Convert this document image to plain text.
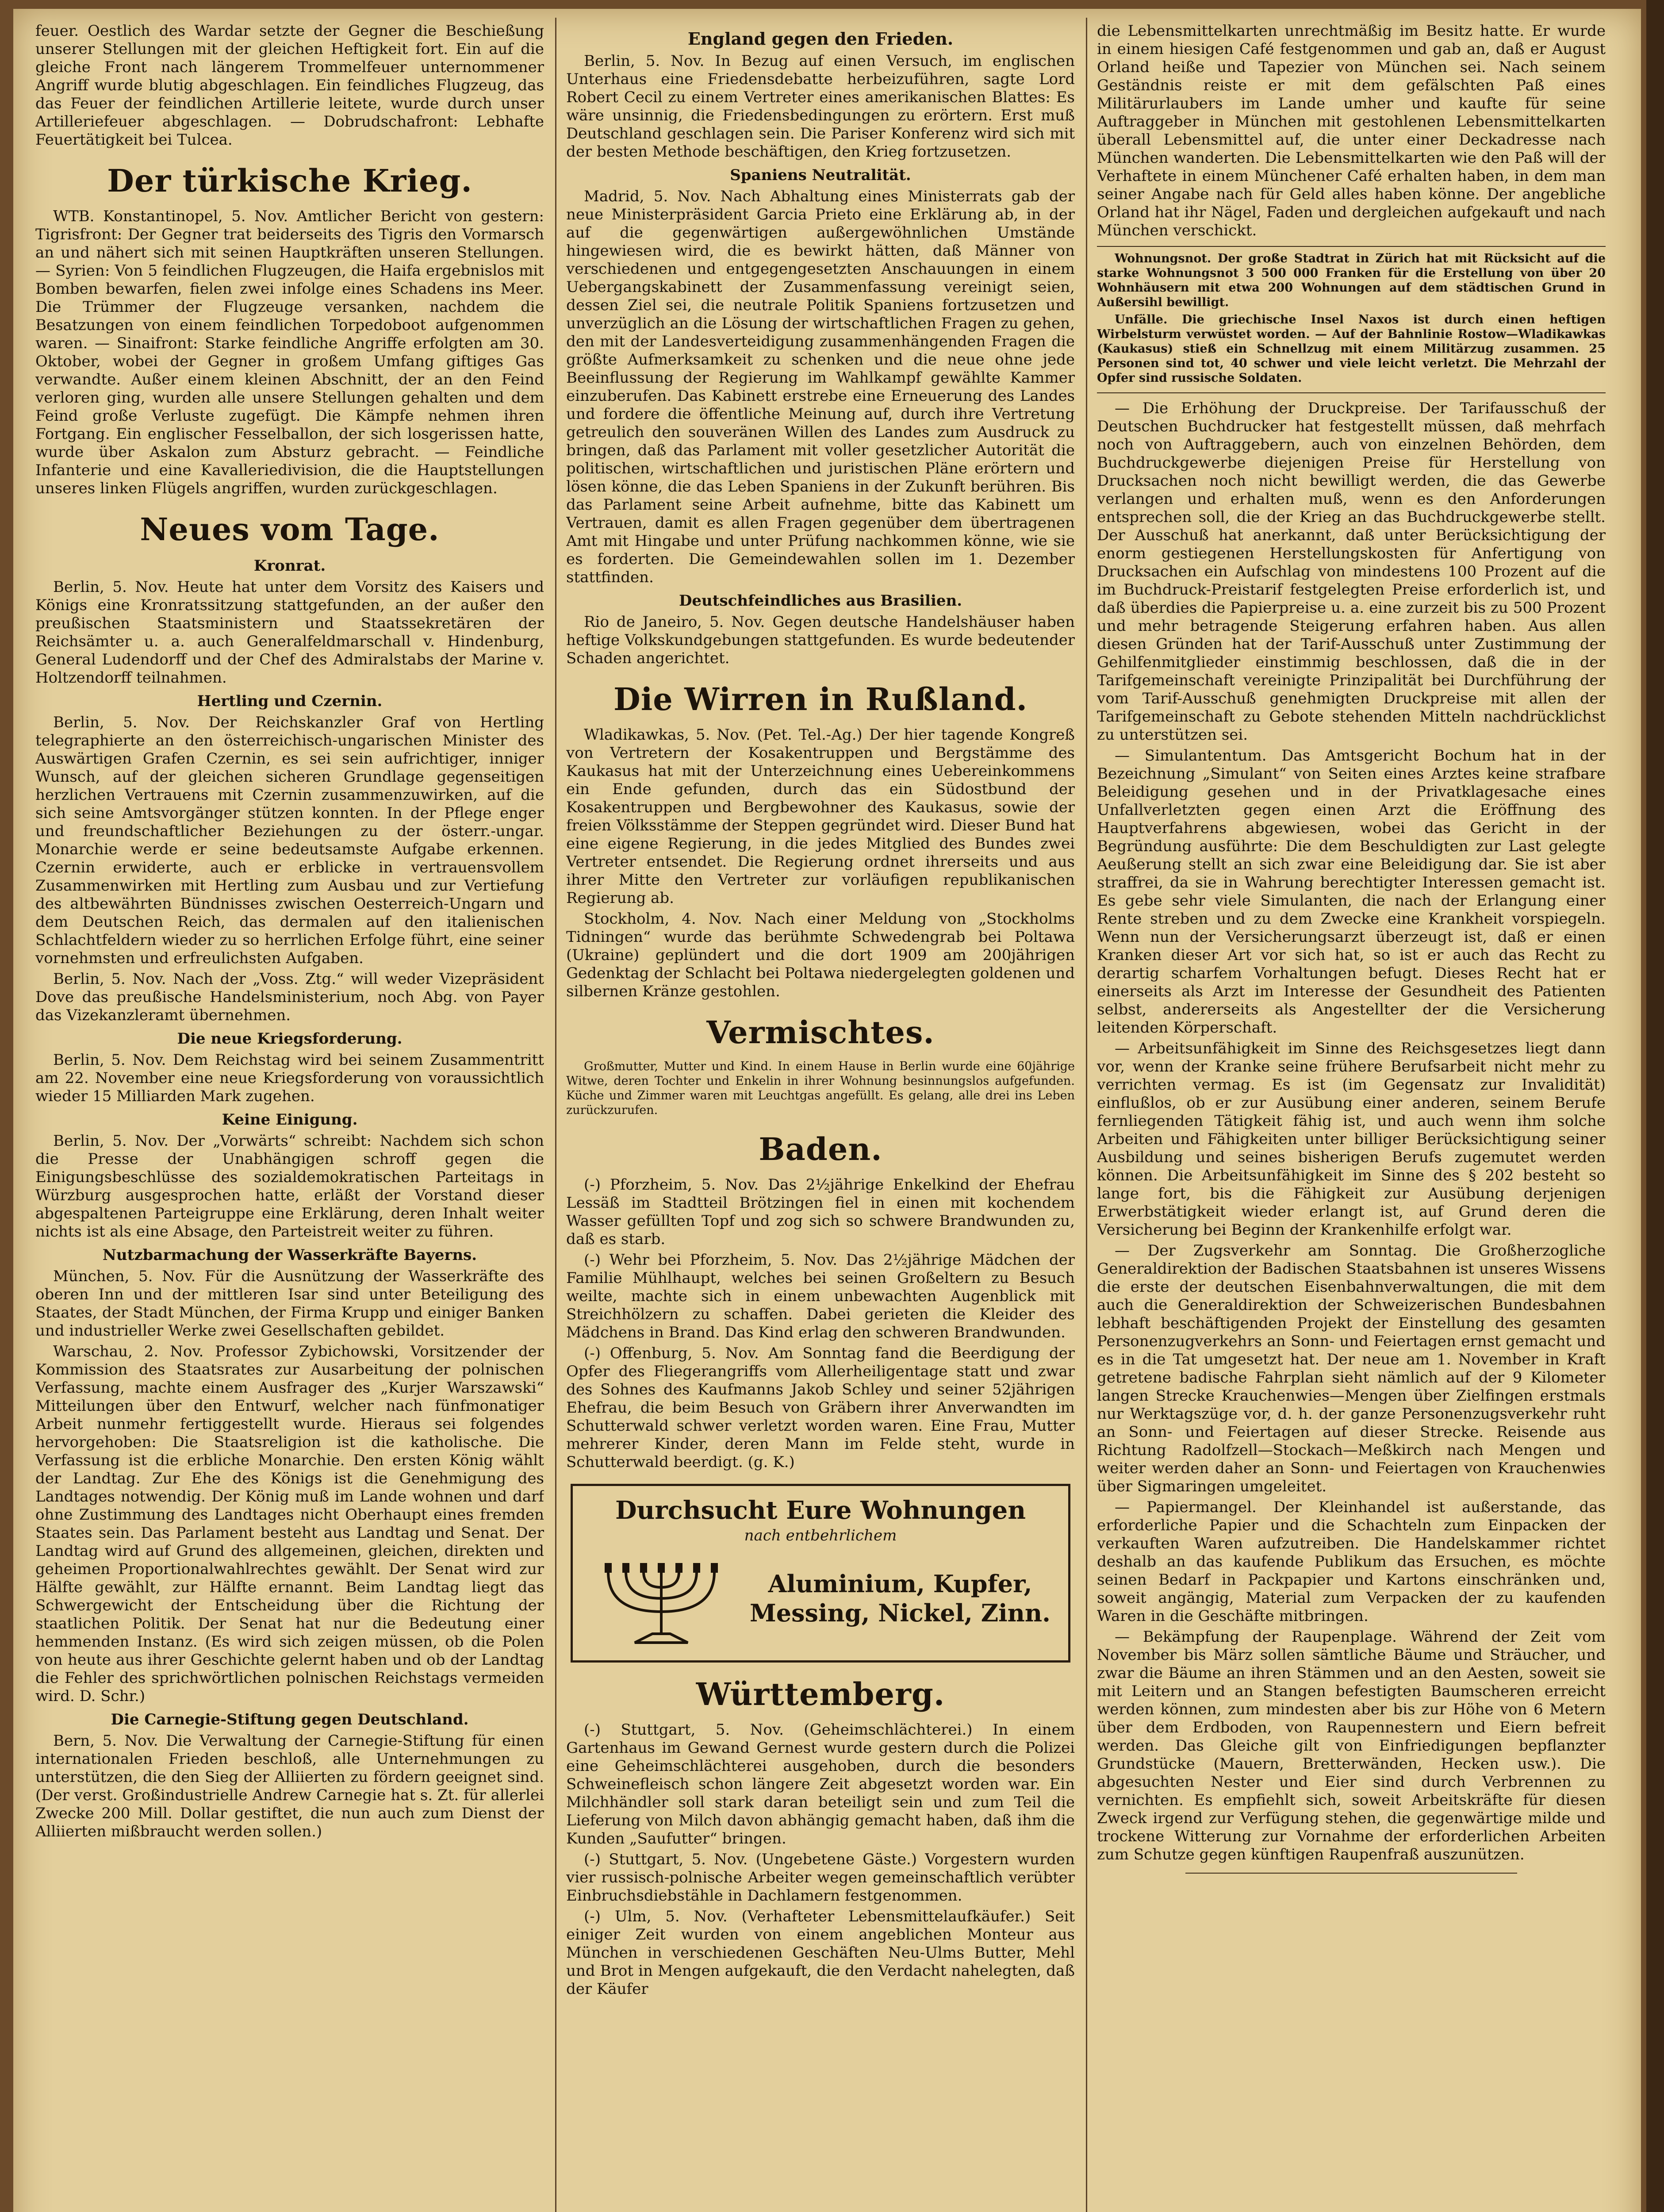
feuer. Oestlich des Wardar setzte der Gegner die Beschießung unserer Stellungen mit der gleichen Heftigkeit fort. Ein auf die gleiche Front nach längerem Trommelfeuer unternommener Angriff wurde blutig abgeschlagen. Ein feindliches Flugzeug, das das Feuer der feindlichen Artillerie leitete, wurde durch unser Artilleriefeuer abgeschlagen. — Dobrudschafront: Lebhafte Feuertätigkeit bei Tulcea.

Der türkische Krieg.

WTB. Konstantinopel, 5. Nov. Amtlicher Bericht von gestern: Tigrisfront: Der Gegner trat beiderseits des Tigris den Vormarsch an und nähert sich mit seinen Hauptkräften unseren Stellungen. — Syrien: Von 5 feindlichen Flugzeugen, die Haifa ergebnislos mit Bomben bewarfen, fielen zwei infolge eines Schadens ins Meer. Die Trümmer der Flugzeuge versanken, nachdem die Besatzungen von einem feindlichen Torpedoboot aufgenommen waren. — Sinaifront: Starke feindliche Angriffe erfolgten am 30. Oktober, wobei der Gegner in großem Umfang giftiges Gas verwandte. Außer einem kleinen Abschnitt, der an den Feind verloren ging, wurden alle unsere Stellungen gehalten und dem Feind große Verluste zugefügt. Die Kämpfe nehmen ihren Fortgang. Ein englischer Fesselballon, der sich losgerissen hatte, wurde über Askalon zum Absturz gebracht. — Feindliche Infanterie und eine Kavalleriedivision, die die Hauptstellungen unseres linken Flügels angriffen, wurden zurückgeschlagen.

Neues vom Tage.
Kronrat.

Berlin, 5. Nov. Heute hat unter dem Vorsitz des Kaisers und Königs eine Kronratssitzung stattgefunden, an der außer den preußischen Staatsministern und Staatssekretären der Reichsämter u. a. auch Generalfeldmarschall v. Hindenburg, General Ludendorff und der Chef des Admiralstabs der Marine v. Holtzendorff teilnahmen.

Hertling und Czernin.

Berlin, 5. Nov. Der Reichskanzler Graf von Hertling telegraphierte an den österreichisch-ungarischen Minister des Auswärtigen Grafen Czernin, es sei sein aufrichtiger, inniger Wunsch, auf der gleichen sicheren Grundlage gegenseitigen herzlichen Vertrauens mit Czernin zusammenzuwirken, auf die sich seine Amtsvorgänger stützen konnten. In der Pflege enger und freundschaftlicher Beziehungen zu der österr.-ungar. Monarchie werde er seine bedeutsamste Aufgabe erkennen. Czernin erwiderte, auch er erblicke in vertrauensvollem Zusammenwirken mit Hertling zum Ausbau und zur Vertiefung des altbewährten Bündnisses zwischen Oesterreich-Ungarn und dem Deutschen Reich, das dermalen auf den italienischen Schlachtfeldern wieder zu so herrlichen Erfolge führt, eine seiner vornehmsten und erfreulichsten Aufgaben.

Berlin, 5. Nov. Nach der „Voss. Ztg.“ will weder Vizepräsident Dove das preußische Handelsministerium, noch Abg. von Payer das Vizekanzleramt übernehmen.

Die neue Kriegsforderung.

Berlin, 5. Nov. Dem Reichstag wird bei seinem Zusammentritt am 22. November eine neue Kriegsforderung von voraussichtlich wieder 15 Milliarden Mark zugehen.

Keine Einigung.

Berlin, 5. Nov. Der „Vorwärts“ schreibt: Nachdem sich schon die Presse der Unabhängigen schroff gegen die Einigungsbeschlüsse des sozialdemokratischen Parteitags in Würzburg ausgesprochen hatte, erläßt der Vorstand dieser abgespaltenen Parteigruppe eine Erklärung, deren Inhalt weiter nichts ist als eine Absage, den Parteistreit weiter zu führen.

Nutzbarmachung der Wasserkräfte Bayerns.

München, 5. Nov. Für die Ausnützung der Wasserkräfte des oberen Inn und der mittleren Isar sind unter Beteiligung des Staates, der Stadt München, der Firma Krupp und einiger Banken und industrieller Werke zwei Gesellschaften gebildet.

Warschau, 2. Nov. Professor Zybichowski, Vorsitzender der Kommission des Staatsrates zur Ausarbeitung der polnischen Verfassung, machte einem Ausfrager des „Kurjer Warszawski“ Mitteilungen über den Entwurf, welcher nach fünfmonatiger Arbeit nunmehr fertiggestellt wurde. Hieraus sei folgendes hervorgehoben: Die Staatsreligion ist die katholische. Die Verfassung ist die erbliche Monarchie. Den ersten König wählt der Landtag. Zur Ehe des Königs ist die Genehmigung des Landtages notwendig. Der König muß im Lande wohnen und darf ohne Zustimmung des Landtages nicht Oberhaupt eines fremden Staates sein. Das Parlament besteht aus Landtag und Senat. Der Landtag wird auf Grund des allgemeinen, gleichen, direkten und geheimen Proportionalwahlrechtes gewählt. Der Senat wird zur Hälfte gewählt, zur Hälfte ernannt. Beim Landtag liegt das Schwergewicht der Entscheidung über die Richtung der staatlichen Politik. Der Senat hat nur die Bedeutung einer hemmenden Instanz. (Es wird sich zeigen müssen, ob die Polen von heute aus ihrer Geschichte gelernt haben und ob der Landtag die Fehler des sprichwörtlichen polnischen Reichstags vermeiden wird. D. Schr.)

Die Carnegie-Stiftung gegen Deutschland.

Bern, 5. Nov. Die Verwaltung der Carnegie-Stiftung für einen internationalen Frieden beschloß, alle Unternehmungen zu unterstützen, die den Sieg der Alliierten zu fördern geeignet sind. (Der verst. Großindustrielle Andrew Carnegie hat s. Zt. für allerlei Zwecke 200 Mill. Dollar gestiftet, die nun auch zum Dienst der Alliierten mißbraucht werden sollen.)

England gegen den Frieden.

Berlin, 5. Nov. In Bezug auf einen Versuch, im englischen Unterhaus eine Friedensdebatte herbeizuführen, sagte Lord Robert Cecil zu einem Vertreter eines amerikanischen Blattes: Es wäre unsinnig, die Friedensbedingungen zu erörtern. Erst muß Deutschland geschlagen sein. Die Pariser Konferenz wird sich mit der besten Methode beschäftigen, den Krieg fortzusetzen.

Spaniens Neutralität.

Madrid, 5. Nov. Nach Abhaltung eines Ministerrats gab der neue Ministerpräsident Garcia Prieto eine Erklärung ab, in der auf die gegenwärtigen außergewöhnlichen Umstände hingewiesen wird, die es bewirkt hätten, daß Männer von verschiedenen und entgegengesetzten Anschauungen in einem Uebergangskabinett der Zusammenfassung vereinigt seien, dessen Ziel sei, die neutrale Politik Spaniens fortzusetzen und unverzüglich an die Lösung der wirtschaftlichen Fragen zu gehen, den mit der Landesverteidigung zusammenhängenden Fragen die größte Aufmerksamkeit zu schenken und die neue ohne jede Beeinflussung der Regierung im Wahlkampf gewählte Kammer einzuberufen. Das Kabinett erstrebe eine Erneuerung des Landes und fordere die öffentliche Meinung auf, durch ihre Vertretung getreulich den souveränen Willen des Landes zum Ausdruck zu bringen, daß das Parlament mit voller gesetzlicher Autorität die politischen, wirtschaftlichen und juristischen Pläne erörtern und lösen könne, die das Leben Spaniens in der Zukunft berühren. Bis das Parlament seine Arbeit aufnehme, bitte das Kabinett um Vertrauen, damit es allen Fragen gegenüber dem übertragenen Amt mit Hingabe und unter Prüfung nachkommen könne, wie sie es forderten. Die Gemeindewahlen sollen im 1. Dezember stattfinden.

Deutschfeindliches aus Brasilien.

Rio de Janeiro, 5. Nov. Gegen deutsche Handelshäuser haben heftige Volkskundgebungen stattgefunden. Es wurde bedeutender Schaden angerichtet.

Die Wirren in Rußland.

Wladikawkas, 5. Nov. (Pet. Tel.-Ag.) Der hier tagende Kongreß von Vertretern der Kosakentruppen und Bergstämme des Kaukasus hat mit der Unterzeichnung eines Uebereinkommens ein Ende gefunden, durch das ein Südostbund der Kosakentruppen und Bergbewohner des Kaukasus, sowie der freien Völksstämme der Steppen gegründet wird. Dieser Bund hat eine eigene Regierung, in die jedes Mitglied des Bundes zwei Vertreter entsendet. Die Regierung ordnet ihrerseits und aus ihrer Mitte den Vertreter zur vorläufigen republikanischen Regierung ab.

Stockholm, 4. Nov. Nach einer Meldung von „Stockholms Tidningen“ wurde das berühmte Schwedengrab bei Poltawa (Ukraine) geplündert und die dort 1909 am 200jährigen Gedenktag der Schlacht bei Poltawa niedergelegten goldenen und silbernen Kränze gestohlen.

Vermischtes.

Großmutter, Mutter und Kind. In einem Hause in Berlin wurde eine 60jährige Witwe, deren Tochter und Enkelin in ihrer Wohnung besinnungslos aufgefunden. Küche und Zimmer waren mit Leuchtgas angefüllt. Es gelang, alle drei ins Leben zurückzurufen.

Baden.

(-) Pforzheim, 5. Nov. Das 2½jährige Enkelkind der Ehefrau Lessäß im Stadtteil Brötzingen fiel in einen mit kochendem Wasser gefüllten Topf und zog sich so schwere Brandwunden zu, daß es starb.

(-) Wehr bei Pforzheim, 5. Nov. Das 2½jährige Mädchen der Familie Mühlhaupt, welches bei seinen Großeltern zu Besuch weilte, machte sich in einem unbewachten Augenblick mit Streichhölzern zu schaffen. Dabei gerieten die Kleider des Mädchens in Brand. Das Kind erlag den schweren Brandwunden.

(-) Offenburg, 5. Nov. Am Sonntag fand die Beerdigung der Opfer des Fliegerangriffs vom Allerheiligentage statt und zwar des Sohnes des Kaufmanns Jakob Schley und seiner 52jährigen Ehefrau, die beim Besuch von Gräbern ihrer Anverwandten im Schutterwald schwer verletzt worden waren. Eine Frau, Mutter mehrerer Kinder, deren Mann im Felde steht, wurde in Schutterwald beerdigt. (g. K.)

Durchsucht Eure Wohnungen
nach entbehrlichem
Aluminium, Kupfer,
Messing, Nickel, Zinn.
Württemberg.

(-) Stuttgart, 5. Nov. (Geheimschlächterei.) In einem Gartenhaus im Gewand Gernest wurde gestern durch die Polizei eine Geheimschlächterei ausgehoben, durch die besonders Schweinefleisch schon längere Zeit abgesetzt worden war. Ein Milchhändler soll stark daran beteiligt sein und zum Teil die Lieferung von Milch davon abhängig gemacht haben, daß ihm die Kunden „Saufutter“ bringen.

(-) Stuttgart, 5. Nov. (Ungebetene Gäste.) Vorgestern wurden vier russisch-polnische Arbeiter wegen gemeinschaftlich verübter Einbruchsdiebstähle in Dachlamern festgenommen.

(-) Ulm, 5. Nov. (Verhafteter Lebensmittelaufkäufer.) Seit einiger Zeit wurden von einem angeblichen Monteur aus München in verschiedenen Geschäften Neu-Ulms Butter, Mehl und Brot in Mengen aufgekauft, die den Verdacht nahelegten, daß der Käufer

die Lebensmittelkarten unrechtmäßig im Besitz hatte. Er wurde in einem hiesigen Café festgenommen und gab an, daß er August Orland heiße und Tapezier von München sei. Nach seinem Geständnis reiste er mit dem gefälschten Paß eines Militärurlaubers im Lande umher und kaufte für seine Auftraggeber in München mit gestohlenen Lebensmittelkarten überall Lebensmittel auf, die unter einer Deckadresse nach München wanderten. Die Lebensmittelkarten wie den Paß will der Verhaftete in einem Münchener Café erhalten haben, in dem man seiner Angabe nach für Geld alles haben könne. Der angebliche Orland hat ihr Nägel, Faden und dergleichen aufgekauft und nach München verschickt.

Wohnungsnot. Der große Stadtrat in Zürich hat mit Rücksicht auf die starke Wohnungsnot 3 500 000 Franken für die Erstellung von über 20 Wohnhäusern mit etwa 200 Wohnungen auf dem städtischen Grund in Außersihl bewilligt.

Unfälle. Die griechische Insel Naxos ist durch einen heftigen Wirbelsturm verwüstet worden. — Auf der Bahnlinie Rostow—Wladikawkas (Kaukasus) stieß ein Schnellzug mit einem Militärzug zusammen. 25 Personen sind tot, 40 schwer und viele leicht verletzt. Die Mehrzahl der Opfer sind russische Soldaten.

— Die Erhöhung der Druckpreise. Der Tarifausschuß der Deutschen Buchdrucker hat festgestellt müssen, daß mehrfach noch von Auftraggebern, auch von einzelnen Behörden, dem Buchdruckgewerbe diejenigen Preise für Herstellung von Drucksachen noch nicht bewilligt werden, die das Gewerbe verlangen und erhalten muß, wenn es den Anforderungen entsprechen soll, die der Krieg an das Buchdruckgewerbe stellt. Der Ausschuß hat anerkannt, daß unter Berücksichtigung der enorm gestiegenen Herstellungskosten für Anfertigung von Drucksachen ein Aufschlag von mindestens 100 Prozent auf die im Buchdruck-Preistarif festgelegten Preise erforderlich ist, und daß überdies die Papierpreise u. a. eine zurzeit bis zu 500 Prozent und mehr betragende Steigerung erfahren haben. Aus allen diesen Gründen hat der Tarif-Ausschuß unter Zustimmung der Gehilfenmitglieder einstimmig beschlossen, daß die in der Tarifgemeinschaft vereinigte Prinzipalität bei Durchführung der vom Tarif-Ausschuß genehmigten Druckpreise mit allen der Tarifgemeinschaft zu Gebote stehenden Mitteln nachdrücklichst zu unterstützen sei.

— Simulantentum. Das Amtsgericht Bochum hat in der Bezeichnung „Simulant“ von Seiten eines Arztes keine strafbare Beleidigung gesehen und in der Privatklagesache eines Unfallverletzten gegen einen Arzt die Eröffnung des Hauptverfahrens abgewiesen, wobei das Gericht in der Begründung ausführte: Die dem Beschuldigten zur Last gelegte Aeußerung stellt an sich zwar eine Beleidigung dar. Sie ist aber straffrei, da sie in Wahrung berechtigter Interessen gemacht ist. Es gebe sehr viele Simulanten, die nach der Erlangung einer Rente streben und zu dem Zwecke eine Krankheit vorspiegeln. Wenn nun der Versicherungsarzt überzeugt ist, daß er einen Kranken dieser Art vor sich hat, so ist er auch das Recht zu derartig scharfem Vorhaltungen befugt. Dieses Recht hat er einerseits als Arzt im Interesse der Gesundheit des Patienten selbst, andererseits als Angestellter der die Versicherung leitenden Körperschaft.

— Arbeitsunfähigkeit im Sinne des Reichsgesetzes liegt dann vor, wenn der Kranke seine frühere Berufsarbeit nicht mehr zu verrichten vermag. Es ist (im Gegensatz zur Invalidität) einflußlos, ob er zur Ausübung einer anderen, seinem Berufe fernliegenden Tätigkeit fähig ist, und auch wenn ihm solche Arbeiten und Fähigkeiten unter billiger Berücksichtigung seiner Ausbildung und seines bisherigen Berufs zugemutet werden können. Die Arbeitsunfähigkeit im Sinne des § 202 besteht so lange fort, bis die Fähigkeit zur Ausübung derjenigen Erwerbstätigkeit wieder erlangt ist, auf Grund deren die Versicherung bei Beginn der Krankenhilfe erfolgt war.

— Der Zugsverkehr am Sonntag. Die Großherzogliche Generaldirektion der Badischen Staatsbahnen ist unseres Wissens die erste der deutschen Eisenbahnverwaltungen, die mit dem auch die Generaldirektion der Schweizerischen Bundesbahnen lebhaft beschäftigenden Projekt der Einstellung des gesamten Personenzugverkehrs an Sonn- und Feiertagen ernst gemacht und es in die Tat umgesetzt hat. Der neue am 1. November in Kraft getretene badische Fahrplan sieht nämlich auf der 9 Kilometer langen Strecke Krauchenwies—Mengen über Zielfingen erstmals nur Werktagszüge vor, d. h. der ganze Personenzugsverkehr ruht an Sonn- und Feiertagen auf dieser Strecke. Reisende aus Richtung Radolfzell—Stockach—Meßkirch nach Mengen und weiter werden daher an Sonn- und Feiertagen von Krauchenwies über Sigmaringen umgeleitet.

— Papiermangel. Der Kleinhandel ist außerstande, das erforderliche Papier und die Schachteln zum Einpacken der verkauften Waren aufzutreiben. Die Handelskammer richtet deshalb an das kaufende Publikum das Ersuchen, es möchte seinen Bedarf in Packpapier und Kartons einschränken und, soweit angängig, Material zum Verpacken der zu kaufenden Waren in die Geschäfte mitbringen.

— Bekämpfung der Raupenplage. Während der Zeit vom November bis März sollen sämtliche Bäume und Sträucher, und zwar die Bäume an ihren Stämmen und an den Aesten, soweit sie mit Leitern und an Stangen befestigten Baumscheren erreicht werden können, zum mindesten aber bis zur Höhe von 6 Metern über dem Erdboden, von Raupennestern und Eiern befreit werden. Das Gleiche gilt von Einfriedigungen bepflanzter Grundstücke (Mauern, Bretterwänden, Hecken usw.). Die abgesuchten Nester und Eier sind durch Verbrennen zu vernichten. Es empfiehlt sich, soweit Arbeitskräfte für diesen Zweck irgend zur Verfügung stehen, die gegenwärtige milde und trockene Witterung zur Vornahme der erforderlichen Arbeiten zum Schutze gegen künftigen Raupenfraß auszunützen.
